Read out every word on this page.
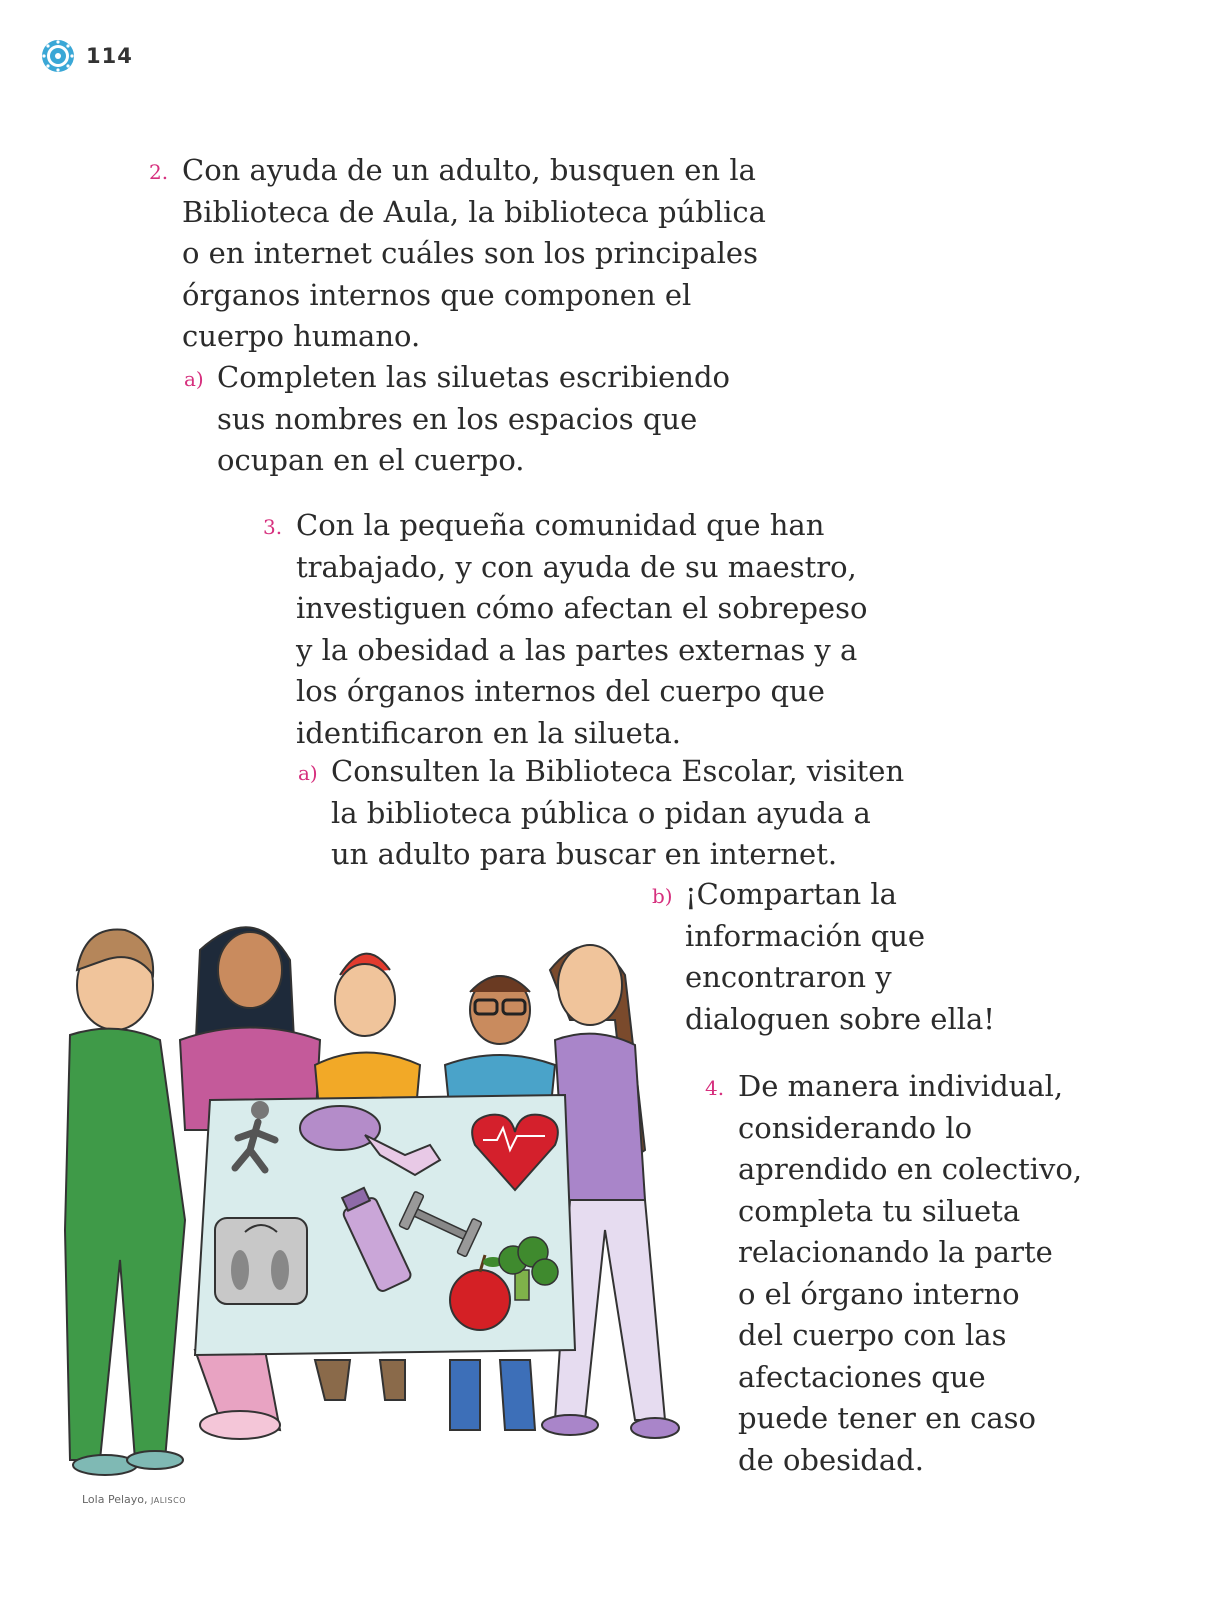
114
2. Con ayuda de un adulto, busquen en la
Biblioteca de Aula, la biblioteca pública
o en internet cuáles son los principales
órganos internos que componen el
cuerpo humano.
a) Completen las siluetas escribiendo
sus nombres en los espacios que
ocupan en el cuerpo.
3. Con la pequeña comunidad que han
trabajado, y con ayuda de su maestro,
investiguen cómo afectan el sobrepeso
y la obesidad a las partes externas y a
los órganos internos del cuerpo que
identificaron en la silueta.
a) Consulten la Biblioteca Escolar, visiten
la biblioteca pública o pidan ayuda a
un adulto para buscar en internet.
b) ¡Compartan la
información que
encontraron y
dialoguen sobre ella!
4. De manera individual,
considerando lo
aprendido en colectivo,
completa tu silueta
relacionando la parte
o el órgano interno
del cuerpo con las
afectaciones que
puede tener en caso
de obesidad.
Lola Pelayo, JALISCO
